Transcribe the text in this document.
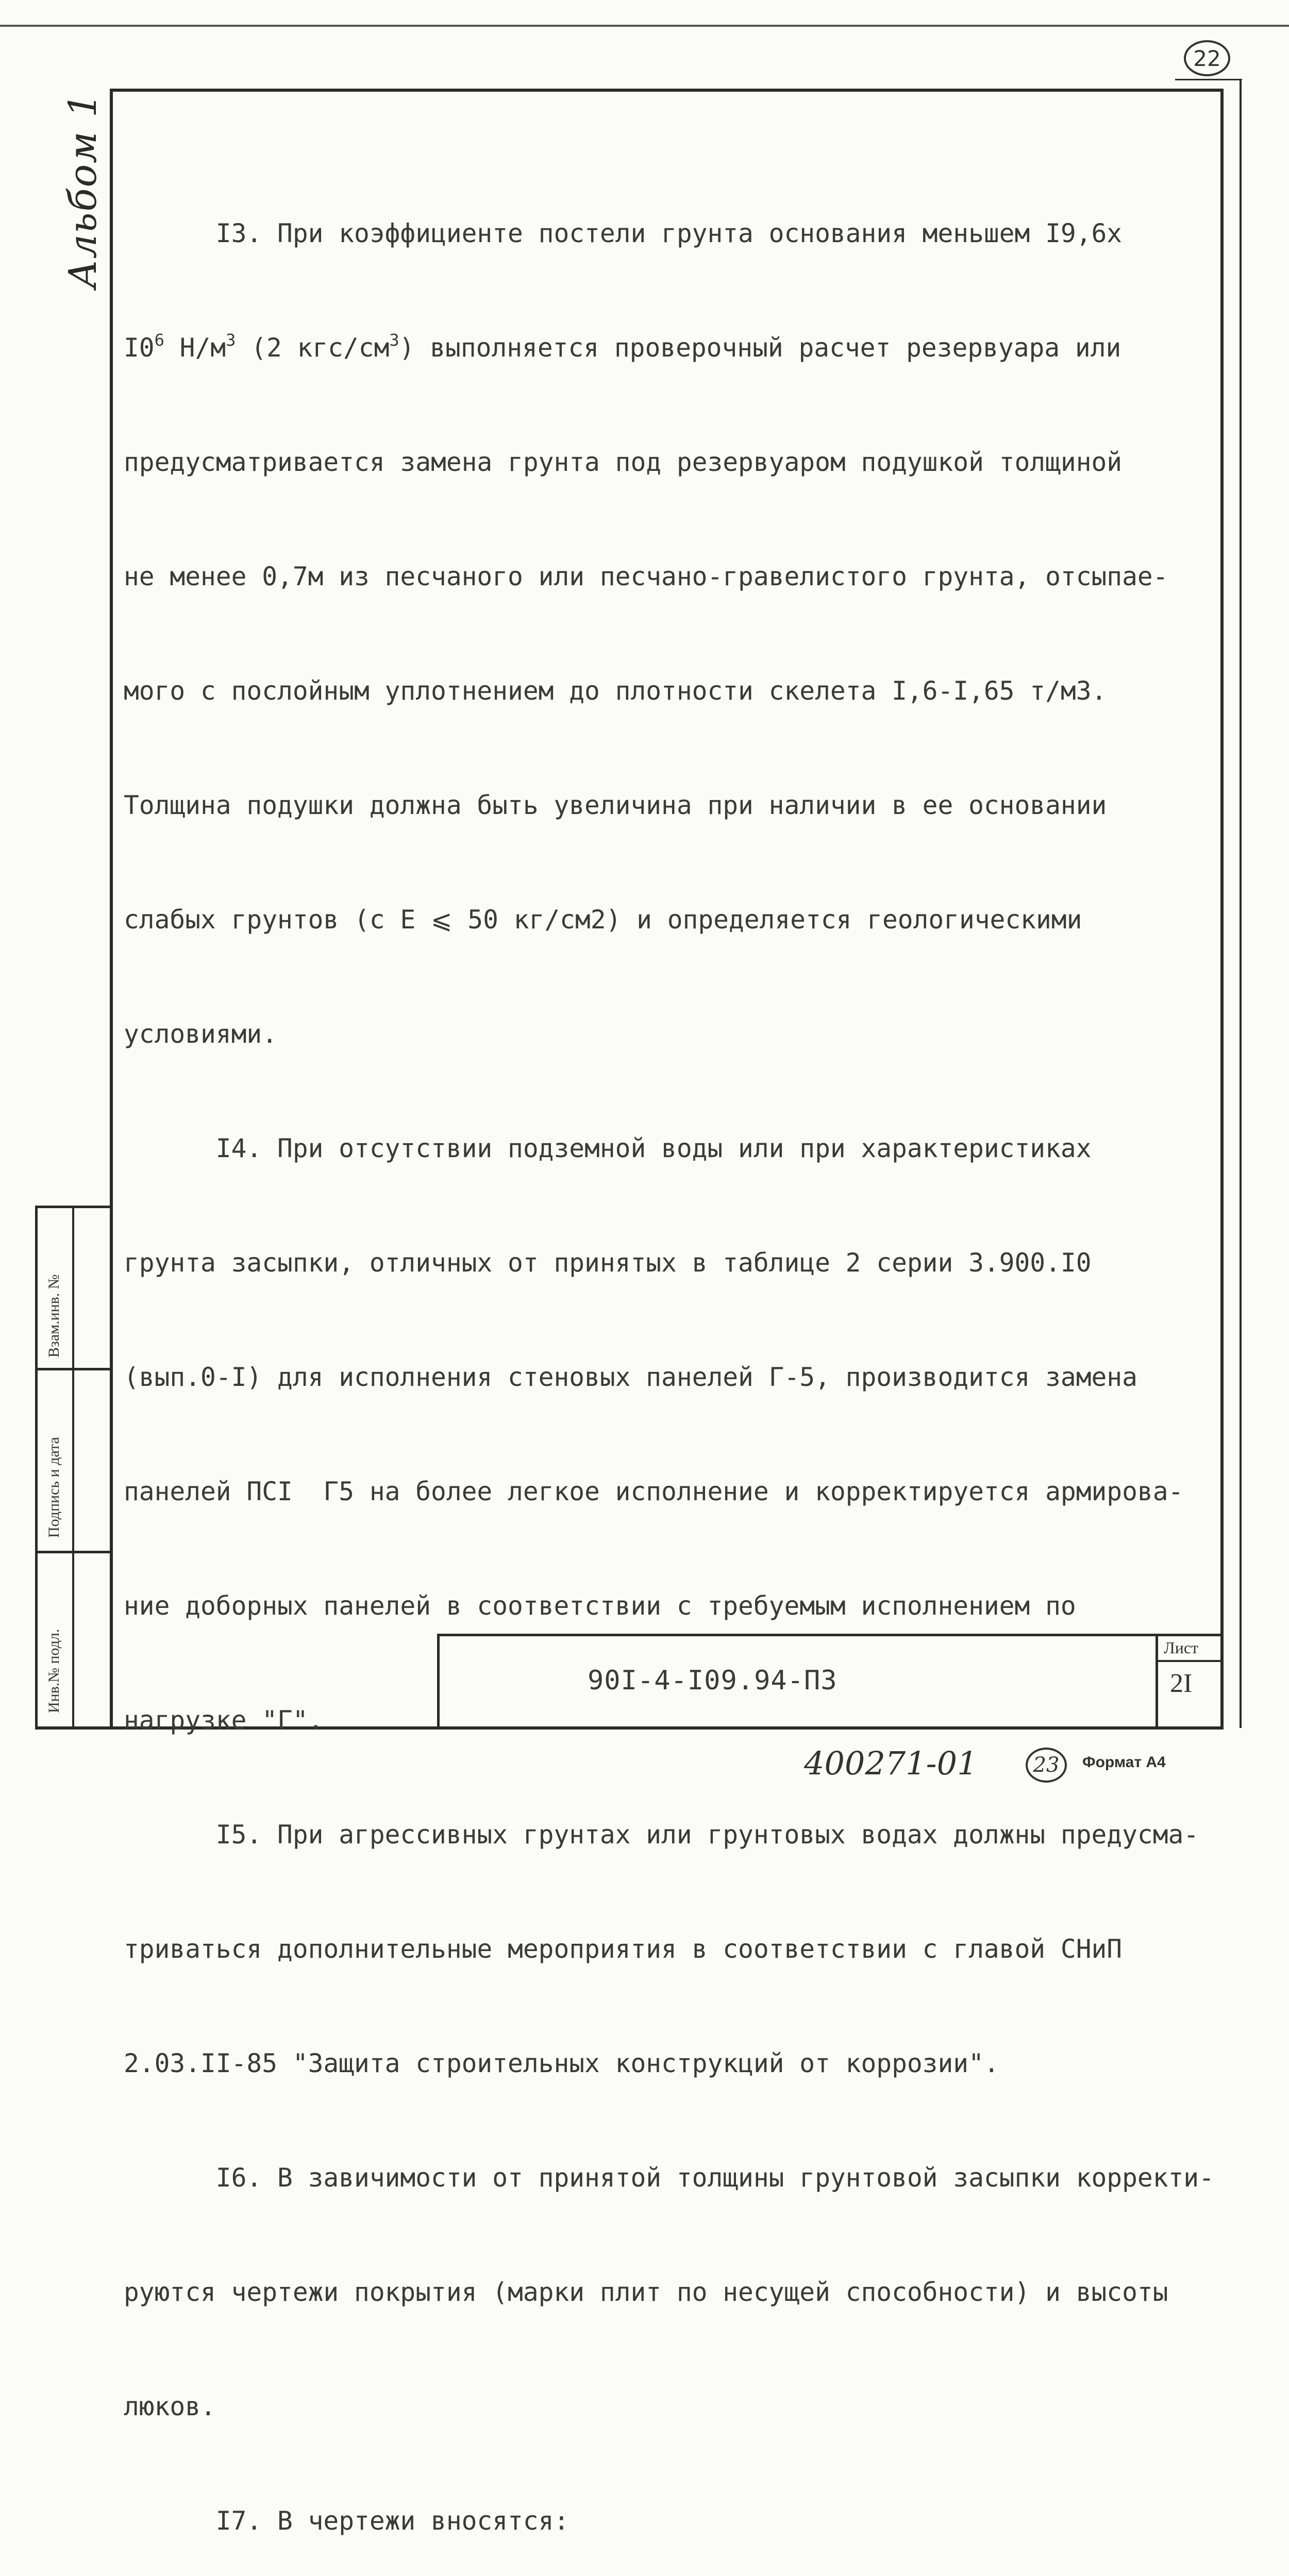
22
Альбом 1
Взам.инв. №
Подпись и дата
Инв.№ подл.

I3. При коэффициенте постели грунта основания меньшем I9,6х

$I0^6$ $Н/м^3$ (2 кгс/$см^3$) выполняется проверочный расчет резервуара или

предусматривается замена грунта под резервуаром подушкой толщиной

не менее 0,7м из песчаного или песчано-гравелистого грунта, отсыпае-

мого с послойным уплотнением до плотности скелета I,6-I,65 т/м3.

Толщина подушки должна быть увеличина при наличии в ее основании

слабых грунтов (с Е ⩽ 50 кг/см2) и определяется геологическими

условиями.

I4. При отсутствии подземной воды или при характеристиках

грунта засыпки, отличных от принятых в таблице 2 серии 3.900.I0

(вып.0-I) для исполнения стеновых панелей Г-5, производится замена

панелей ПСI  Г5 на более легкое исполнение и корректируется армирова-

ние доборных панелей в соответствии с требуемым исполнением по

нагрузке "Г".

I5. При агрессивных грунтах или грунтовых водах должны предусма-

триваться дополнительные мероприятия в соответствии с главой СНиП

2.03.II-85 "Защита строительных конструкций от коррозии".

I6. В завичимости от принятой толщины грунтовой засыпки корректи-

руются чертежи покрытия (марки плит по несущей способности) и высоты

люков.

I7. В чертежи вносятся:

90I-4-I09.94-ПЗ
Лист
2I
400271-01	23	Формат А4
